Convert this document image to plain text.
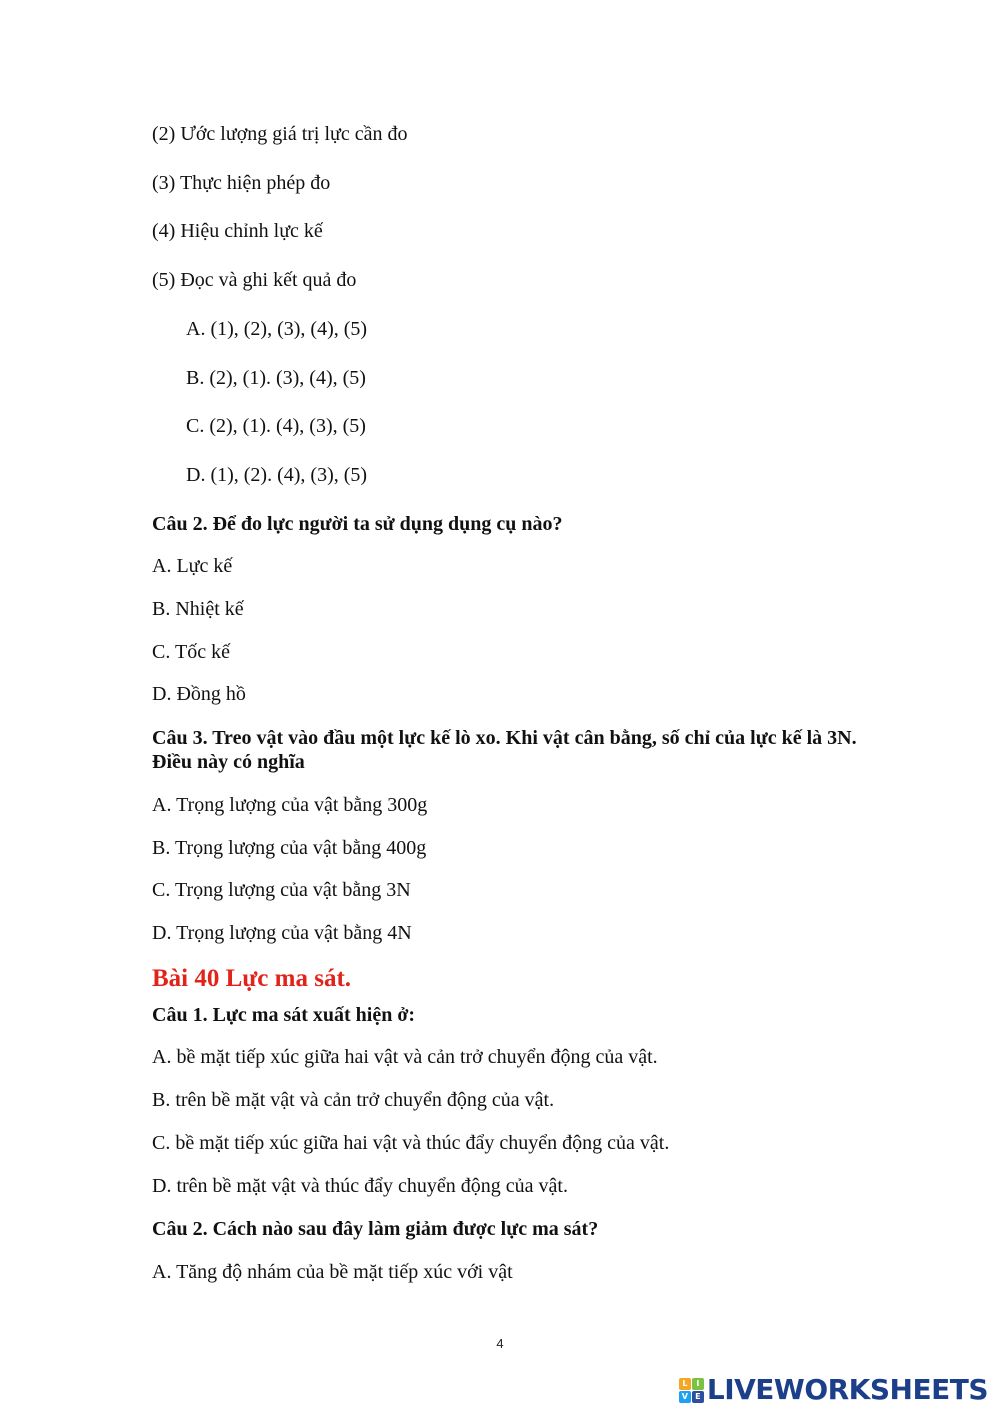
(2) Ước lượng giá trị lực cần đo
(3) Thực hiện phép đo
(4) Hiệu chỉnh lực kế
(5) Đọc và ghi kết quả đo
A. (1), (2), (3), (4), (5)
B. (2), (1). (3), (4), (5)
C. (2), (1). (4), (3), (5)
D. (1), (2). (4), (3), (5)
Câu 2. Để đo lực người ta sử dụng dụng cụ nào?
A. Lực kế
B. Nhiệt kế
C. Tốc kế
D. Đồng hồ
Câu 3. Treo vật vào đầu một lực kế lò xo. Khi vật cân bằng, số chỉ của lực kế là 3N. Điều này có nghĩa
A. Trọng lượng của vật bằng 300g
B. Trọng lượng của vật bằng 400g
C. Trọng lượng của vật bằng 3N
D. Trọng lượng của vật bằng 4N
Bài 40 Lực ma sát.
Câu 1. Lực ma sát xuất hiện ở:
A. bề mặt tiếp xúc giữa hai vật và cản trở chuyển động của vật.
B. trên bề mặt vật và cản trở chuyển động của vật.
C. bề mặt tiếp xúc giữa hai vật và thúc đẩy chuyển động của vật.
D. trên bề mặt vật và thúc đẩy chuyển động của vật.
Câu 2. Cách nào sau đây làm giảm được lực ma sát?
A. Tăng độ nhám của bề mặt tiếp xúc với vật
4
L	I
V E LIVEWORKSHEETS
